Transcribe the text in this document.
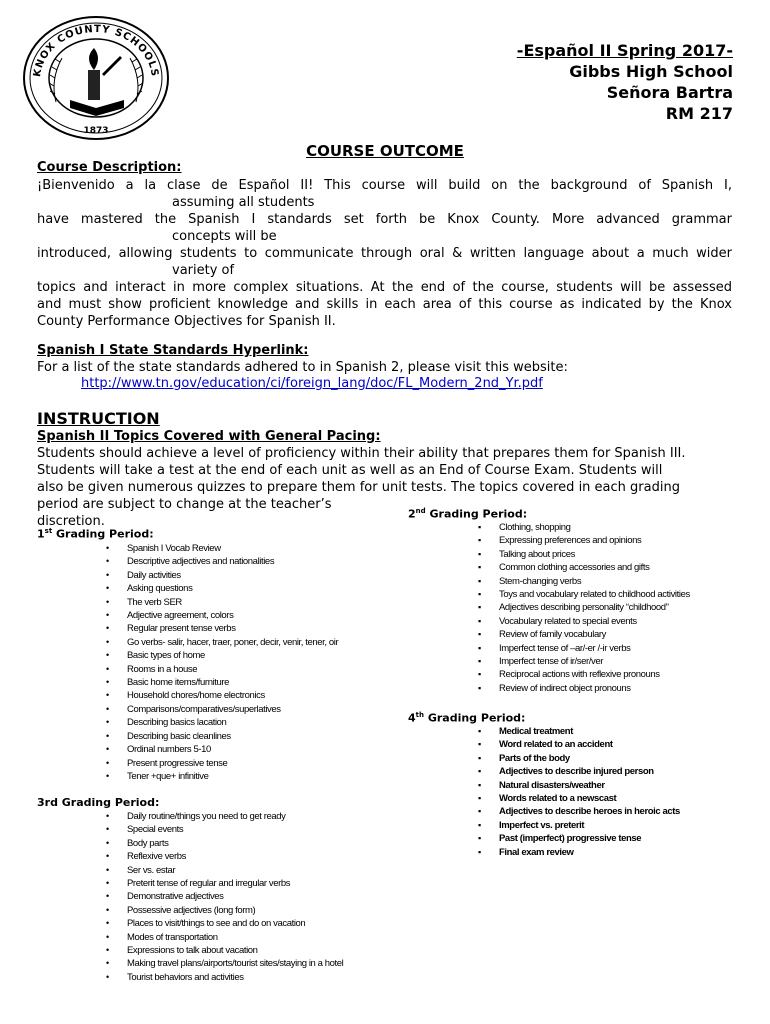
KNOX COUNTY SCHOOLS
1873
-Español II Spring 2017-
Gibbs High School
Señora Bartra
RM 217
COURSE OUTCOME
Course Description:

¡Bienvenido a la clase de Español II! This course will build on the background of Spanish I,

assuming all students

have mastered the Spanish I standards set forth be Knox County. More advanced grammar

concepts will be

introduced, allowing students to communicate through oral & written language about a much wider

variety of

topics and interact in more complex situations. At the end of the course, students will be assessed

and must show proficient knowledge and skills in each area of this course as indicated by the Knox

County Performance Objectives for Spanish II.

Spanish I State Standards Hyperlink:
For a list of the state standards adhered to in Spanish 2, please visit this website:
http://www.tn.gov/education/ci/foreign_lang/doc/FL_Modern_2nd_Yr.pdf
INSTRUCTION
Spanish II Topics Covered with General Pacing:

Students should achieve a level of proficiency within their ability that prepares them for Spanish III.

Students will take a test at the end of each unit as well as an End of Course Exam. Students will

also be given numerous quizzes to prepare them for unit tests. The topics covered in each grading

period are subject to change at the teacher’s

discretion.

1st Grading Period:
• Spanish I Vocab Review
• Descriptive adjectives and nationalities
• Daily activities
• Asking questions
• The verb SER
• Adjective agreement, colors
• Regular present tense verbs
• Go verbs- salir, hacer, traer, poner, decir, venir, tener, oir
• Basic types of home
• Rooms in a house
• Basic home items/furniture
• Household chores/home electronics
• Comparisons/comparatives/superlatives
• Describing basics lacation
• Describing basic cleanlines
• Ordinal numbers 5-10
• Present progressive tense
• Tener +que+ infinitive
2nd Grading Period:
▪ Clothing, shopping
▪ Expressing preferences and opinions
▪ Talking about prices
▪ Common clothing accessories and gifts
▪ Stem-changing verbs
▪ Toys and vocabulary related to childhood activities
▪ Adjectives describing personality “childhood”
▪ Vocabulary related to special events
▪ Review of family vocabulary
▪ Imperfect tense of –ar/-er /-ir verbs
▪ Imperfect tense of ir/ser/ver
▪ Reciprocal actions with reflexive pronouns
▪ Review of indirect object pronouns
3rd Grading Period:
• Daily routine/things you need to get ready
• Special events
• Body parts
• Reflexive verbs
• Ser vs. estar
• Preterit tense of regular and irregular verbs
• Demonstrative adjectives
• Possessive adjectives (long form)
• Places to visit/things to see and do on vacation
• Modes of transportation
• Expressions to talk about vacation
• Making travel plans/airports/tourist sites/staying in a hotel
• Tourist behaviors and activities
4th Grading Period:
▪ Medical treatment
▪ Word related to an accident
▪ Parts of the body
▪ Adjectives to describe injured person
▪ Natural disasters/weather
▪ Words related to a newscast
▪ Adjectives to describe heroes in heroic acts
▪ Imperfect vs. preterit
▪ Past (imperfect) progressive tense
▪ Final exam review
